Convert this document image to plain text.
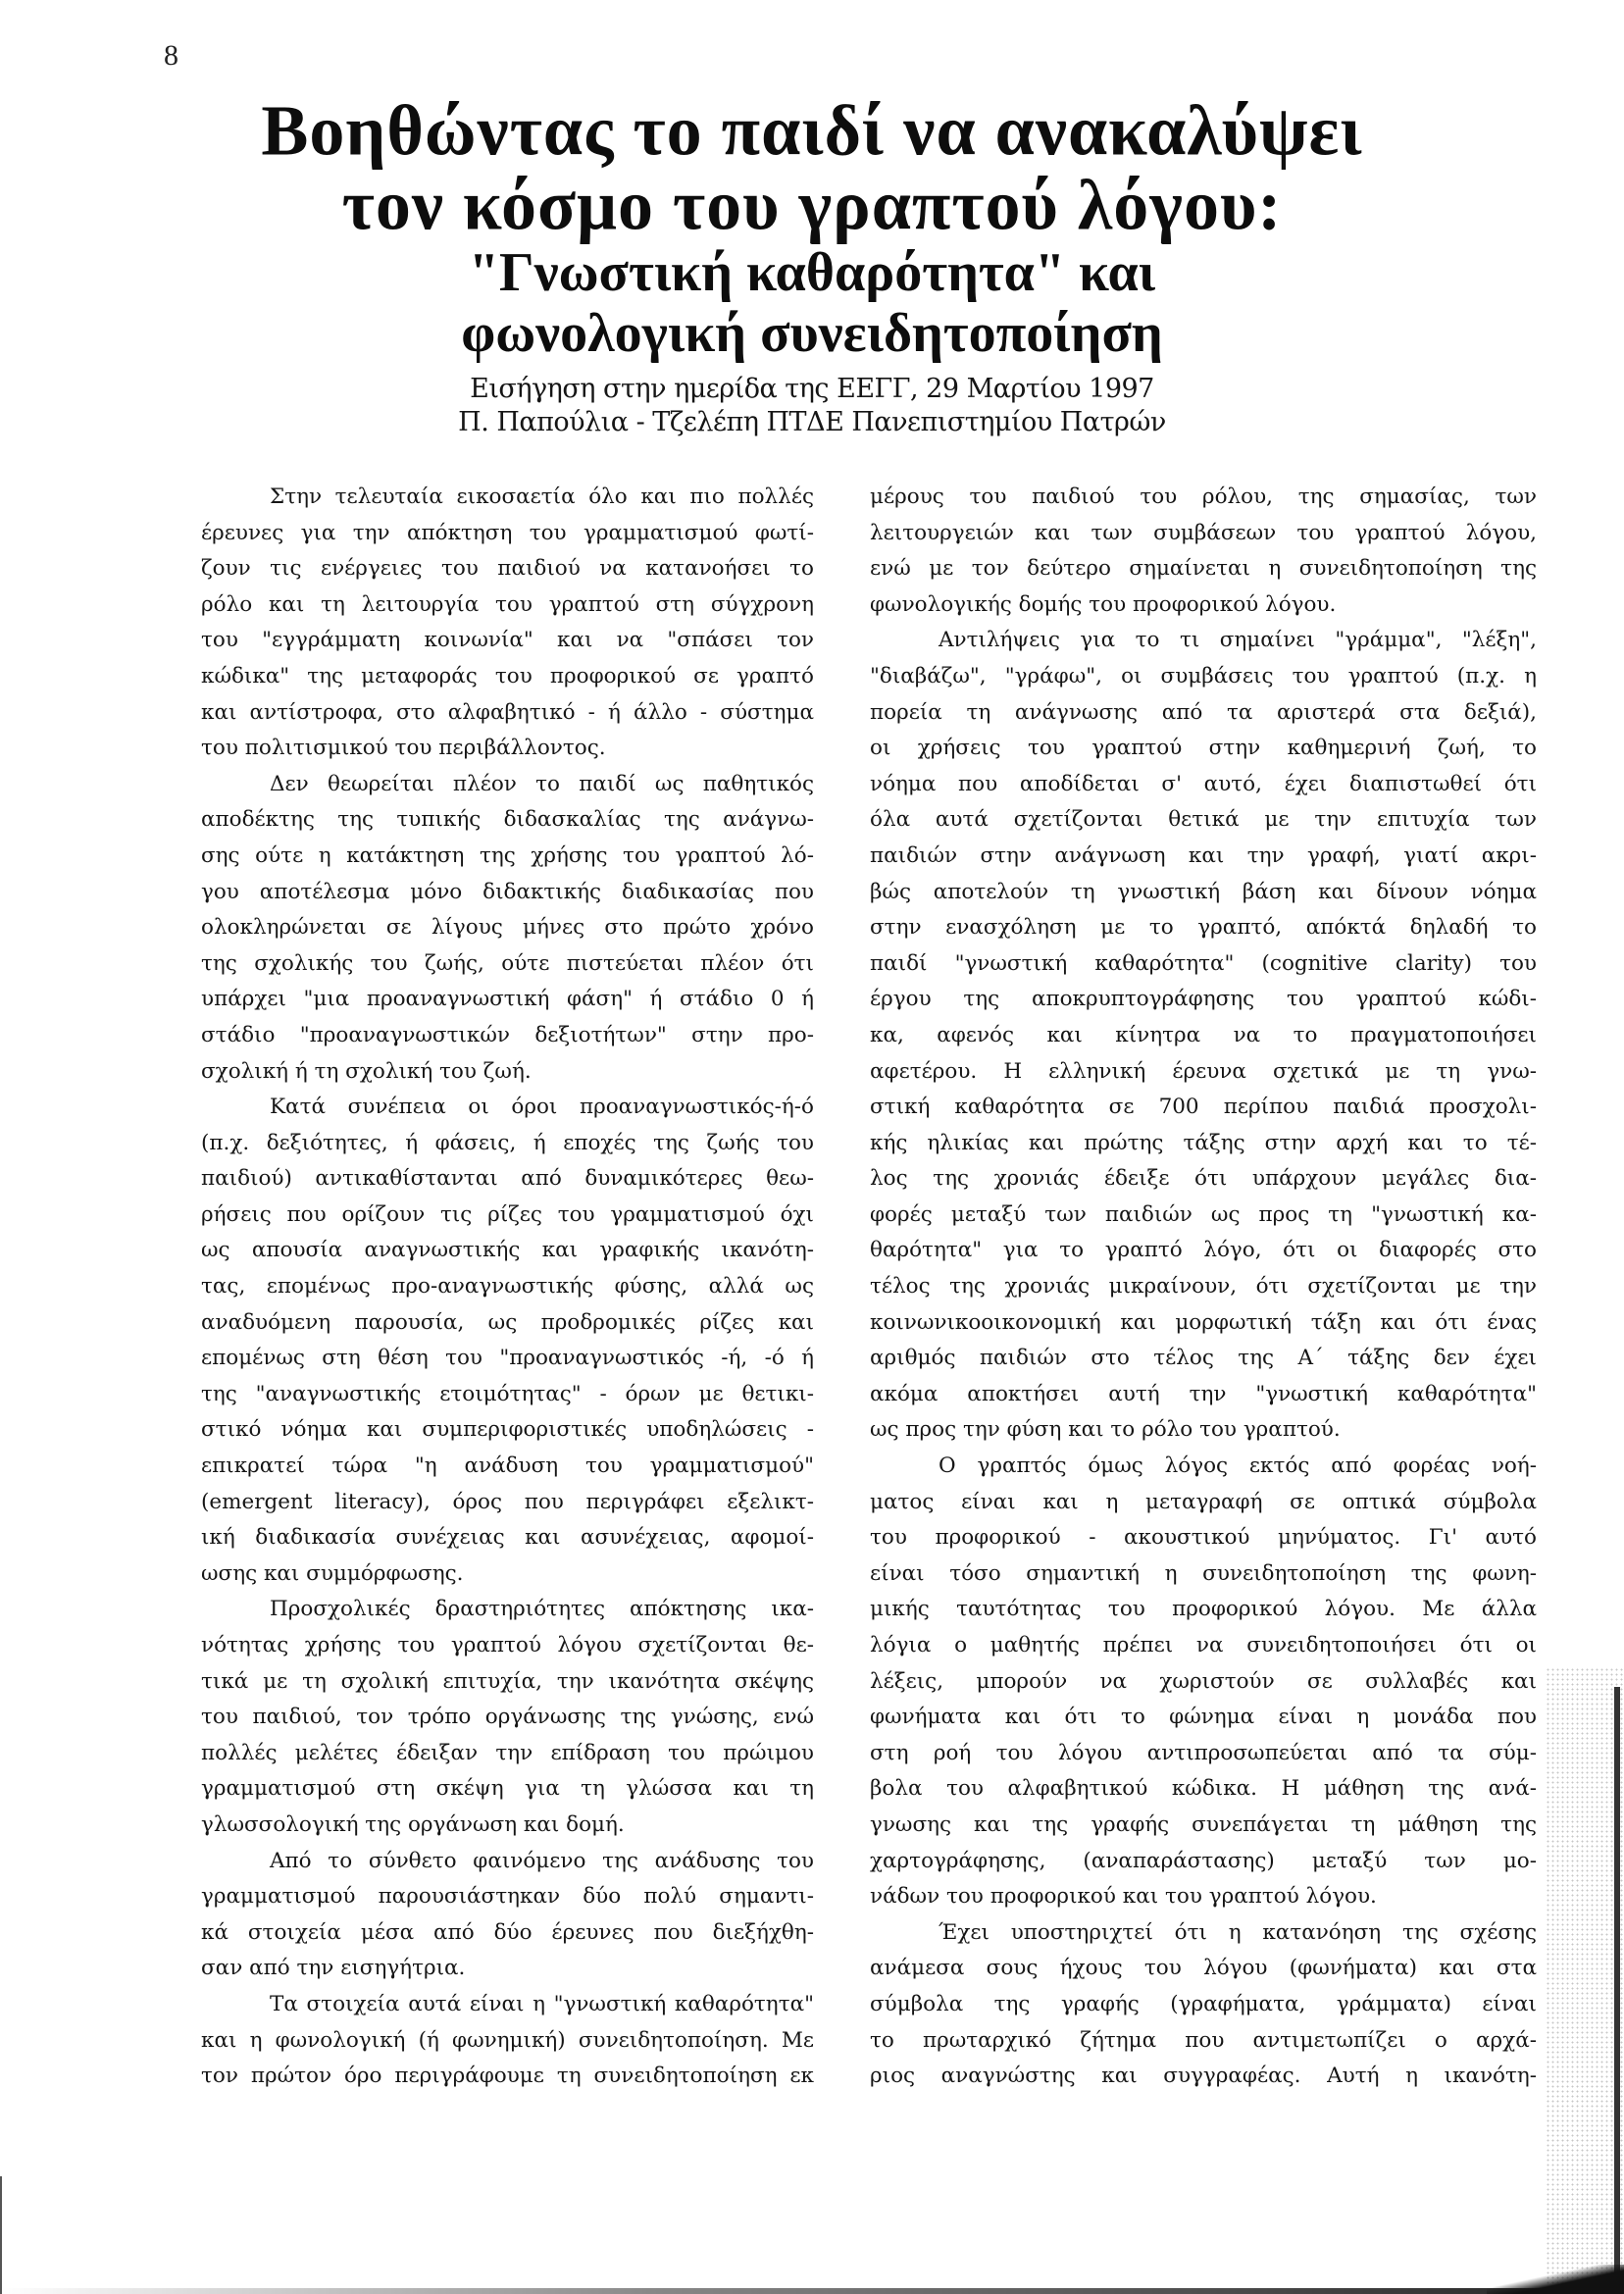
8
Βοηθώντας το παιδί να ανακαλύψει
τον κόσμο του γραπτού λόγου:
"Γνωστική καθαρότητα" και
φωνολογική συνειδητοποίηση
Εισήγηση στην ημερίδα της ΕΕΓΓ, 29 Μαρτίου 1997
Π. Παπούλια - Τζελέπη ΠΤΔΕ Πανεπιστημίου Πατρών
Στην τελευταία εικοσαετία όλο και πιο πολλές
έρευνες για την απόκτηση του γραμματισμού φωτί-
ζουν τις ενέργειες του παιδιού να κατανοήσει το
ρόλο και τη λειτουργία του γραπτού στη σύγχρονη
του "εγγράμματη κοινωνία" και να "σπάσει τον
κώδικα" της μεταφοράς του προφορικού σε γραπτό
και αντίστροφα, στο αλφαβητικό - ή άλλο - σύστημα
του πολιτισμικού του περιβάλλοντος.
Δεν θεωρείται πλέον το παιδί ως παθητικός
αποδέκτης της τυπικής διδασκαλίας της ανάγνω-
σης ούτε η κατάκτηση της χρήσης του γραπτού λό-
γου αποτέλεσμα μόνο διδακτικής διαδικασίας που
ολοκληρώνεται σε λίγους μήνες στο πρώτο χρόνο
της σχολικής του ζωής, ούτε πιστεύεται πλέον ότι
υπάρχει "μια προαναγνωστική φάση" ή στάδιο 0 ή
στάδιο "προαναγνωστικών δεξιοτήτων" στην προ-
σχολική ή τη σχολική του ζωή.
Κατά συνέπεια οι όροι προαναγνωστικός-ή-ό
(π.χ. δεξιότητες, ή φάσεις, ή εποχές της ζωής του
παιδιού) αντικαθίστανται από δυναμικότερες θεω-
ρήσεις που ορίζουν τις ρίζες του γραμματισμού όχι
ως απουσία αναγνωστικής και γραφικής ικανότη-
τας, επομένως προ-αναγνωστικής φύσης, αλλά ως
αναδυόμενη παρουσία, ως προδρομικές ρίζες και
επομένως στη θέση του "προαναγνωστικός -ή, -ό ή
της "αναγνωστικής ετοιμότητας" - όρων με θετικι-
στικό νόημα και συμπεριφοριστικές υποδηλώσεις -
επικρατεί τώρα "η ανάδυση του γραμματισμού"
(emergent literacy), όρος που περιγράφει εξελικτ-
ική διαδικασία συνέχειας και ασυνέχειας, αφομοί-
ωσης και συμμόρφωσης.
Προσχολικές δραστηριότητες απόκτησης ικα-
νότητας χρήσης του γραπτού λόγου σχετίζονται θε-
τικά με τη σχολική επιτυχία, την ικανότητα σκέψης
του παιδιού, τον τρόπο οργάνωσης της γνώσης, ενώ
πολλές μελέτες έδειξαν την επίδραση του πρώιμου
γραμματισμού στη σκέψη για τη γλώσσα και τη
γλωσσολογική της οργάνωση και δομή.
Από το σύνθετο φαινόμενο της ανάδυσης του
γραμματισμού παρουσιάστηκαν δύο πολύ σημαντι-
κά στοιχεία μέσα από δύο έρευνες που διεξήχθη-
σαν από την εισηγήτρια.
Τα στοιχεία αυτά είναι η "γνωστική καθαρότητα"
και η φωνολογική (ή φωνημική) συνειδητοποίηση. Με
τον πρώτον όρο περιγράφουμε τη συνειδητοποίηση εκ
μέρους του παιδιού του ρόλου, της σημασίας, των
λειτουργειών και των συμβάσεων του γραπτού λόγου,
ενώ με τον δεύτερο σημαίνεται η συνειδητοποίηση της
φωνολογικής δομής του προφορικού λόγου.
Αντιλήψεις για το τι σημαίνει "γράμμα", "λέξη",
"διαβάζω", "γράφω", οι συμβάσεις του γραπτού (π.χ. η
πορεία τη ανάγνωσης από τα αριστερά στα δεξιά),
οι χρήσεις του γραπτού στην καθημερινή ζωή, το
νόημα που αποδίδεται σ' αυτό, έχει διαπιστωθεί ότι
όλα αυτά σχετίζονται θετικά με την επιτυχία των
παιδιών στην ανάγνωση και την γραφή, γιατί ακρι-
βώς αποτελούν τη γνωστική βάση και δίνουν νόημα
στην ενασχόληση με το γραπτό, απόκτά δηλαδή το
παιδί "γνωστική καθαρότητα" (cognitive clarity) του
έργου της αποκρυπτογράφησης του γραπτού κώδι-
κα, αφενός και κίνητρα να το πραγματοποιήσει
αφετέρου. Η ελληνική έρευνα σχετικά με τη γνω-
στική καθαρότητα σε 700 περίπου παιδιά προσχολι-
κής ηλικίας και πρώτης τάξης στην αρχή και το τέ-
λος της χρονιάς έδειξε ότι υπάρχουν μεγάλες δια-
φορές μεταξύ των παιδιών ως προς τη "γνωστική κα-
θαρότητα" για το γραπτό λόγο, ότι οι διαφορές στο
τέλος της χρονιάς μικραίνουν, ότι σχετίζονται με την
κοινωνικοοικονομική και μορφωτική τάξη και ότι ένας
αριθμός παιδιών στο τέλος της Α΄ τάξης δεν έχει
ακόμα αποκτήσει αυτή την "γνωστική καθαρότητα"
ως προς την φύση και το ρόλο του γραπτού.
Ο γραπτός όμως λόγος εκτός από φορέας νοή-
ματος είναι και η μεταγραφή σε οπτικά σύμβολα
του προφορικού - ακουστικού μηνύματος. Γι' αυτό
είναι τόσο σημαντική η συνειδητοποίηση της φωνη-
μικής ταυτότητας του προφορικού λόγου. Με άλλα
λόγια ο μαθητής πρέπει να συνειδητοποιήσει ότι οι
λέξεις, μπορούν να χωριστούν σε συλλαβές και
φωνήματα και ότι το φώνημα είναι η μονάδα που
στη ροή του λόγου αντιπροσωπεύεται από τα σύμ-
βολα του αλφαβητικού κώδικα. Η μάθηση της ανά-
γνωσης και της γραφής συνεπάγεται τη μάθηση της
χαρτογράφησης, (αναπαράστασης) μεταξύ των μο-
νάδων του προφορικού και του γραπτού λόγου.
Έχει υποστηριχτεί ότι η κατανόηση της σχέσης
ανάμεσα σους ήχους του λόγου (φωνήματα) και στα
σύμβολα της γραφής (γραφήματα, γράμματα) είναι
το πρωταρχικό ζήτημα που αντιμετωπίζει ο αρχά-
ριος αναγνώστης και συγγραφέας. Αυτή η ικανότη-
